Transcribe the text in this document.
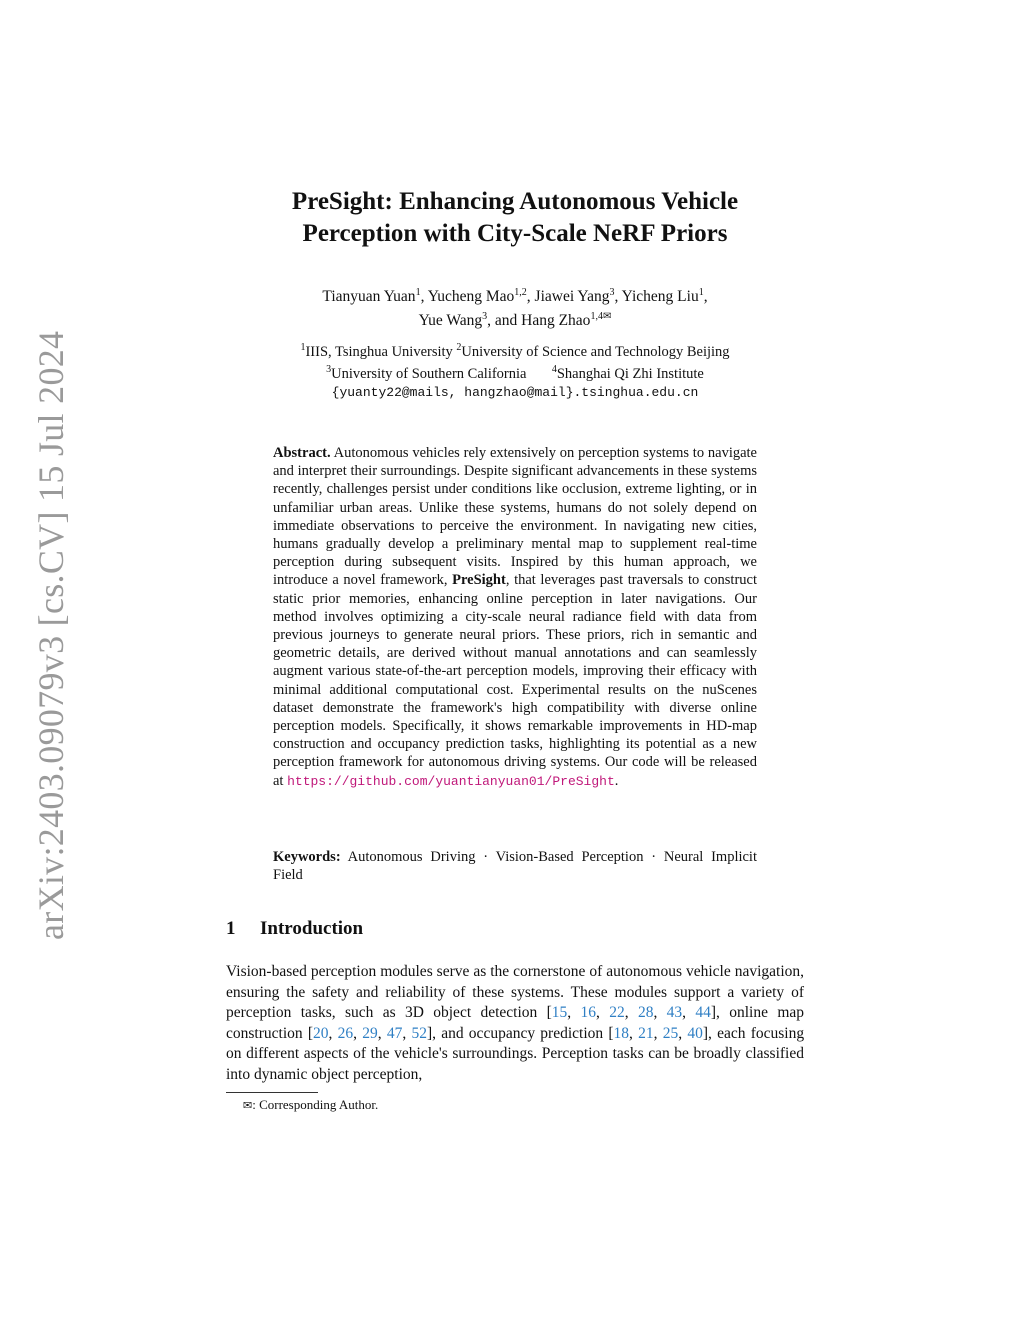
arXiv:2403.09079v3 [cs.CV] 15 Jul 2024
PreSight: Enhancing Autonomous Vehicle
Perception with City-Scale NeRF Priors
Tianyuan Yuan$^1$, Yucheng Mao$^{1,2}$, Jiawei Yang$^3$, Yicheng Liu$^1$,
Yue Wang$^3$, and Hang Zhao$^{1,4✉}$
$^1$IIIS, Tsinghua University $^2$University of Science and Technology Beijing
$^3$University of Southern California	$^4$Shanghai Qi Zhi Institute
{yuanty22@mails, hangzhao@mail}.tsinghua.edu.cn

Abstract. Autonomous vehicles rely extensively on perception systems to navigate and interpret their surroundings. Despite significant advancements in these systems recently, challenges persist under conditions like occlusion, extreme lighting, or in unfamiliar urban areas. Unlike these systems, humans do not solely depend on immediate observations to perceive the environment. In navigating new cities, humans gradually develop a preliminary mental map to supplement real-time perception during subsequent visits. Inspired by this human approach, we introduce a novel framework, PreSight, that leverages past traversals to construct static prior memories, enhancing online perception in later navigations. Our method involves optimizing a city-scale neural radiance field with data from previous journeys to generate neural priors. These priors, rich in semantic and geometric details, are derived without manual annotations and can seamlessly augment various state-of-the-art perception models, improving their efficacy with minimal additional computational cost. Experimental results on the nuScenes dataset demonstrate the framework's high compatibility with diverse online perception models. Specifically, it shows remarkable improvements in HD-map construction and occupancy prediction tasks, highlighting its potential as a new perception framework for autonomous driving systems. Our code will be released at https://github.com/yuantianyuan01/PreSight.

Keywords: Autonomous Driving · Vision-Based Perception · Neural Implicit Field

1 Introduction

Vision-based perception modules serve as the cornerstone of autonomous vehicle navigation, ensuring the safety and reliability of these systems. These modules support a variety of perception tasks, such as 3D object detection [15, 16, 22, 28, 43, 44], online map construction [20, 26, 29, 47, 52], and occupancy prediction [18, 21, 25, 40], each focusing on different aspects of the vehicle's surroundings. Perception tasks can be broadly classified into dynamic object perception,

✉: Corresponding Author.
